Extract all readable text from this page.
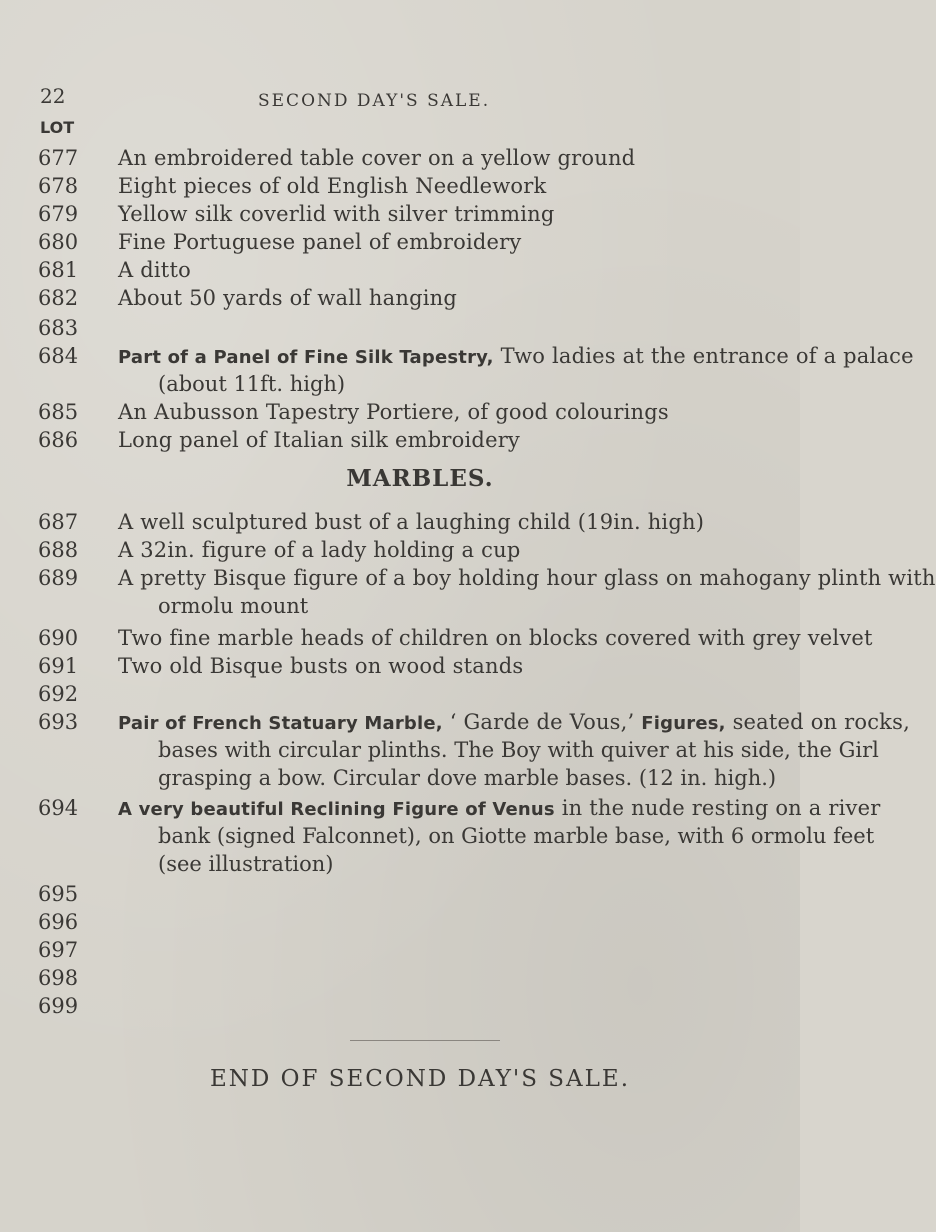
22	SECOND DAY'S SALE.
LOT
677 An embroidered table cover on a yellow ground
678 Eight pieces of old English Needlework
679 Yellow silk coverlid with silver trimming
680 Fine Portuguese panel of embroidery
681 A ditto
682 About 50 yards of wall hanging
683
684 Part of a Panel of Fine Silk Tapestry, Two ladies at the entrance of a palace
(about 11ft. high)
685 An Aubusson Tapestry Portiere, of good colourings
686 Long panel of Italian silk embroidery
MARBLES.
687 A well sculptured bust of a laughing child (19in. high)
688 A 32in. figure of a lady holding a cup
689 A pretty Bisque figure of a boy holding hour glass on mahogany plinth with
ormolu mount
690 Two fine marble heads of children on blocks covered with grey velvet
691 Two old Bisque busts on wood stands
692
693 Pair of French Statuary Marble, ‘ Garde de Vous,’ Figures, seated on rocks,
bases with circular plinths. The Boy with quiver at his side, the Girl
grasping a bow. Circular dove marble bases. (12 in. high.)
694 A very beautiful Reclining Figure of Venus in the nude resting on a river
bank (signed Falconnet), on Giotte marble base, with 6 ormolu feet
(see illustration)
695
696
697
698
699
END OF SECOND DAY'S SALE.
